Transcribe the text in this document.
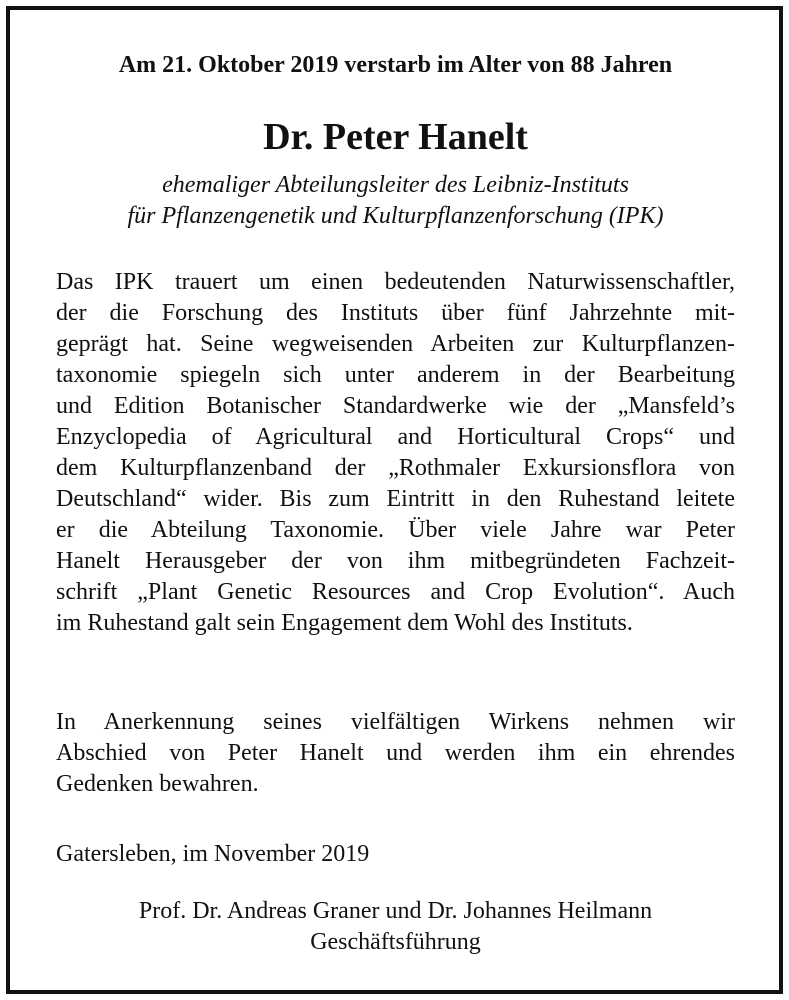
Am 21. Oktober 2019 verstarb im Alter von 88 Jahren
Dr. Peter Hanelt
ehemaliger Abteilungsleiter des Leibniz-Instituts
für Pflanzengenetik und Kulturpflanzenforschung (IPK)
Das IPK trauert um einen bedeutenden Naturwissenschaftler,
der die Forschung des Instituts über fünf Jahrzehnte mit-
geprägt hat. Seine wegweisenden Arbeiten zur Kulturpflanzen-
taxonomie spiegeln sich unter anderem in der Bearbeitung
und Edition Botanischer Standardwerke wie der „Mansfeld’s
Enzyclopedia of Agricultural and Horticultural Crops“ und
dem Kulturpflanzenband der „Rothmaler Exkursionsflora von
Deutschland“ wider. Bis zum Eintritt in den Ruhestand leitete
er die Abteilung Taxonomie. Über viele Jahre war Peter
Hanelt Herausgeber der von ihm mitbegründeten Fachzeit-
schrift „Plant Genetic Resources and Crop Evolution“. Auch
im Ruhestand galt sein Engagement dem Wohl des Instituts.
In Anerkennung seines vielfältigen Wirkens nehmen wir
Abschied von Peter Hanelt und werden ihm ein ehrendes
Gedenken bewahren.
Gatersleben, im November 2019
Prof. Dr. Andreas Graner und Dr. Johannes Heilmann
Geschäftsführung
